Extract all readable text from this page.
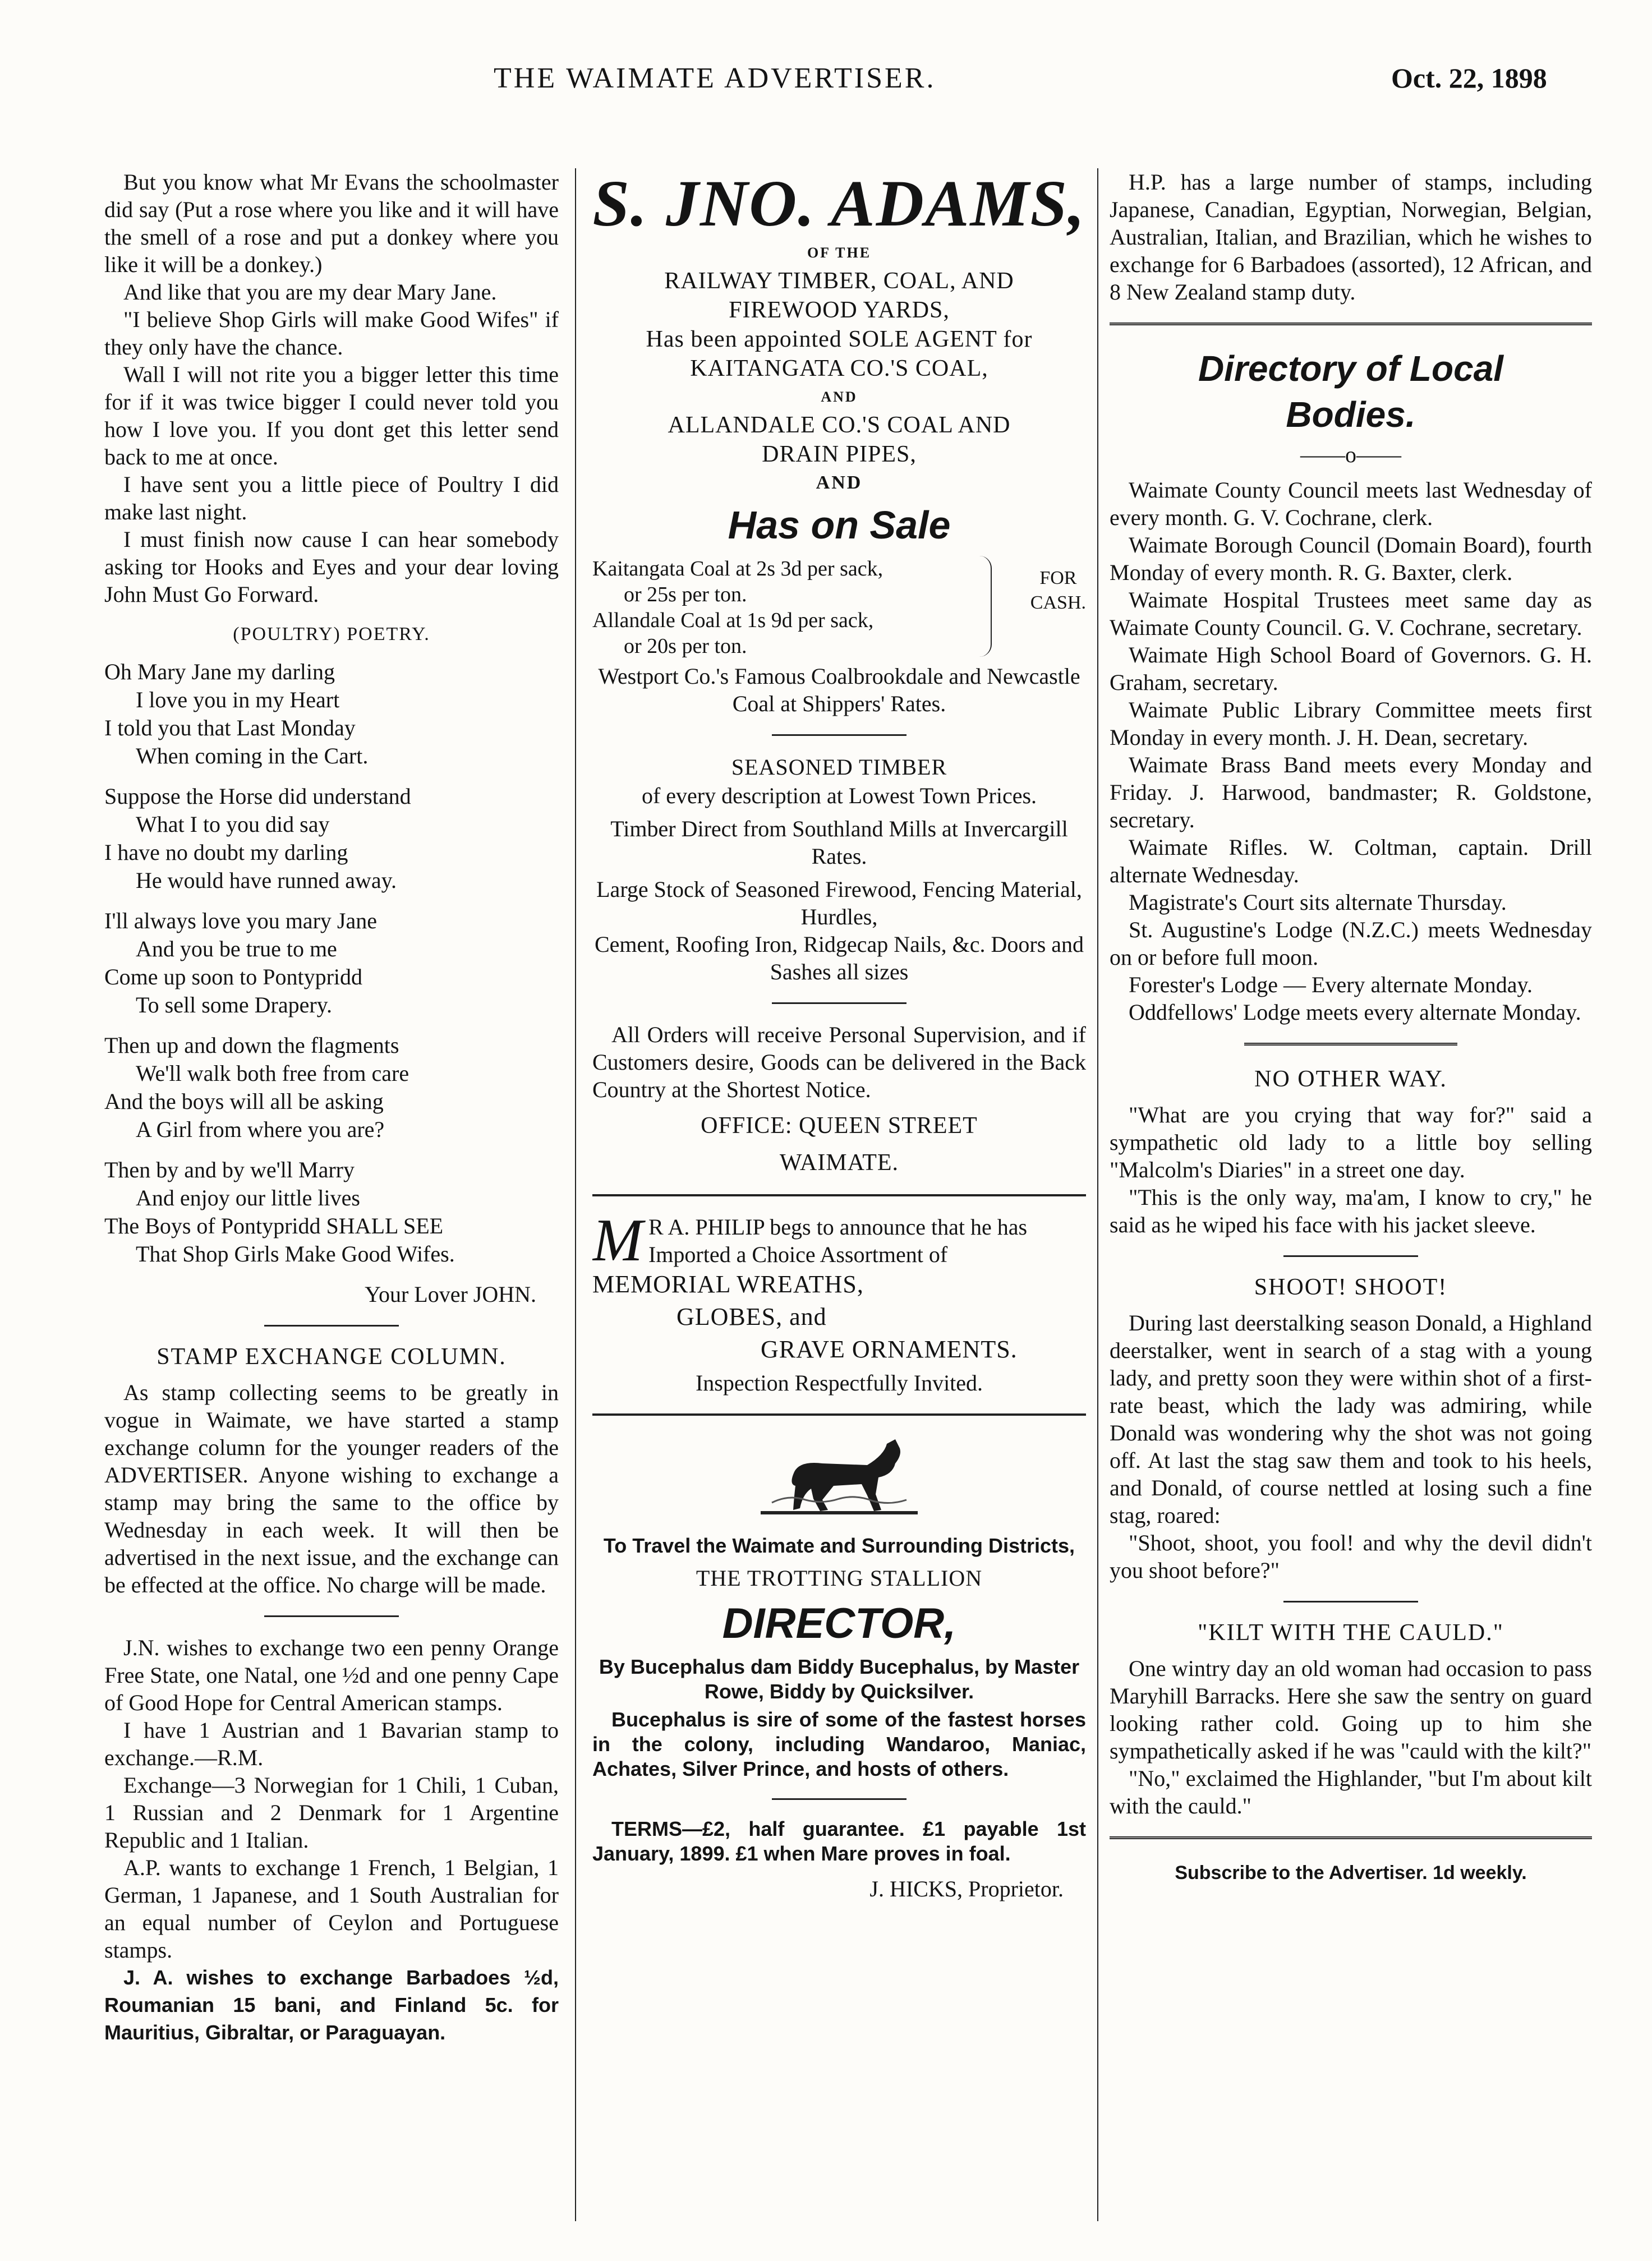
THE WAIMATE ADVERTISER.	Oct. 22, 1898

But you know what Mr Evans the schoolmaster did say (Put a rose where you like and it will have the smell of a rose and put a donkey where you like it will be a donkey.)

And like that you are my dear Mary Jane.

"I believe Shop Girls will make Good Wifes" if they only have the chance.

Wall I will not rite you a bigger letter this time for if it was twice bigger I could never told you how I love you. If you dont get this letter send back to me at once.

I have sent you a little piece of Poultry I did make last night.

I must finish now cause I can hear somebody asking tor Hooks and Eyes and your dear loving John Must Go Forward.

(POULTRY) POETRY.
Oh Mary Jane my darling
I love you in my Heart
I told you that Last Monday
When coming in the Cart.
Suppose the Horse did understand
What I to you did say
I have no doubt my darling
He would have runned away.
I'll always love you mary Jane
And you be true to me
Come up soon to Pontypridd
To sell some Drapery.
Then up and down the flagments
We'll walk both free from care
And the boys will all be asking
A Girl from where you are?
Then by and by we'll Marry
And enjoy our little lives
The Boys of Pontypridd SHALL SEE
That Shop Girls Make Good Wifes.
Your Lover JOHN.
STAMP EXCHANGE COLUMN.

As stamp collecting seems to be greatly in vogue in Waimate, we have started a stamp exchange column for the younger readers of the ADVERTISER. Anyone wishing to exchange a stamp may bring the same to the office by Wednesday in each week. It will then be advertised in the next issue, and the exchange can be effected at the office. No charge will be made.

J.N. wishes to exchange two een penny Orange Free State, one Natal, one ½d and one penny Cape of Good Hope for Central American stamps.

I have 1 Austrian and 1 Bavarian stamp to exchange.—R.M.

Exchange—3 Norwegian for 1 Chili, 1 Cuban, 1 Russian and 2 Denmark for 1 Argentine Republic and 1 Italian.

A.P. wants to exchange 1 French, 1 Belgian, 1 German, 1 Japanese, and 1 South Australian for an equal number of Ceylon and Portuguese stamps.

J. A. wishes to exchange Barbadoes ½d, Roumanian 15 bani, and Finland 5c. for Mauritius, Gibraltar, or Paraguayan.

S. JNO. ADAMS,
OF THE
RAILWAY TIMBER, COAL, AND
FIREWOOD YARDS,
Has been appointed SOLE AGENT for
KAITANGATA CO.'S COAL,
AND
ALLANDALE CO.'S COAL AND
DRAIN PIPES,
AND
Has on Sale
Kaitangata Coal at 2s 3d per sack,
or 25s per ton.
Allandale Coal at 1s 9d per sack,
or 20s per ton.
FOR
CASH.

Westport Co.'s Famous Coalbrookdale and Newcastle Coal at Shippers' Rates.

SEASONED TIMBER

of every description at Lowest Town Prices.

Timber Direct from Southland Mills at Invercargill Rates.

Large Stock of Seasoned Firewood, Fencing Material, Hurdles,

Cement, Roofing Iron, Ridgecap Nails, &c. Doors and Sashes all sizes

All Orders will receive Personal Supervision, and if Customers desire, Goods can be delivered in the Back Country at the Shortest Notice.

OFFICE: QUEEN STREET
WAIMATE.
M R A. PHILIP begs to announce that he has Imported a Choice Assortment of
MEMORIAL WREATHS,
GLOBES, and
GRAVE ORNAMENTS.
Inspection Respectfully Invited.
To Travel the Waimate and Surrounding Districts,
THE TROTTING STALLION
DIRECTOR,

By Bucephalus dam Biddy Bucephalus, by Master Rowe, Biddy by Quicksilver.

Bucephalus is sire of some of the fastest horses in the colony, including Wandaroo, Maniac, Achates, Silver Prince, and hosts of others.

TERMS—£2, half guarantee. £1 payable 1st January, 1899. £1 when Mare proves in foal.

J. HICKS, Proprietor.

H.P. has a large number of stamps, including Japanese, Canadian, Egyptian, Norwegian, Belgian, Australian, Italian, and Brazilian, which he wishes to exchange for 6 Barbadoes (assorted), 12 African, and 8 New Zealand stamp duty.

Directory of Local
Bodies.
——o——

Waimate County Council meets last Wednesday of every month. G. V. Cochrane, clerk.

Waimate Borough Council (Domain Board), fourth Monday of every month. R. G. Baxter, clerk.

Waimate Hospital Trustees meet same day as Waimate County Council. G. V. Cochrane, secretary.

Waimate High School Board of Governors. G. H. Graham, secretary.

Waimate Public Library Committee meets first Monday in every month. J. H. Dean, secretary.

Waimate Brass Band meets every Monday and Friday. J. Harwood, bandmaster; R. Goldstone, secretary.

Waimate Rifles. W. Coltman, captain. Drill alternate Wednesday.

Magistrate's Court sits alternate Thursday.

St. Augustine's Lodge (N.Z.C.) meets Wednesday on or before full moon.

Forester's Lodge — Every alternate Monday.

Oddfellows' Lodge meets every alternate Monday.

NO OTHER WAY.

"What are you crying that way for?" said a sympathetic old lady to a little boy selling "Malcolm's Diaries" in a street one day.

"This is the only way, ma'am, I know to cry," he said as he wiped his face with his jacket sleeve.

SHOOT! SHOOT!

During last deerstalking season Donald, a Highland deerstalker, went in search of a stag with a young lady, and pretty soon they were within shot of a first-rate beast, which the lady was admiring, while Donald was wondering why the shot was not going off. At last the stag saw them and took to his heels, and Donald, of course nettled at losing such a fine stag, roared:

"Shoot, shoot, you fool! and why the devil didn't you shoot before?"

"KILT WITH THE CAULD."

One wintry day an old woman had occasion to pass Maryhill Barracks. Here she saw the sentry on guard looking rather cold. Going up to him she sympathetically asked if he was "cauld with the kilt?"

"No," exclaimed the Highlander, "but I'm about kilt with the cauld."

Subscribe to the Advertiser. 1d weekly.
